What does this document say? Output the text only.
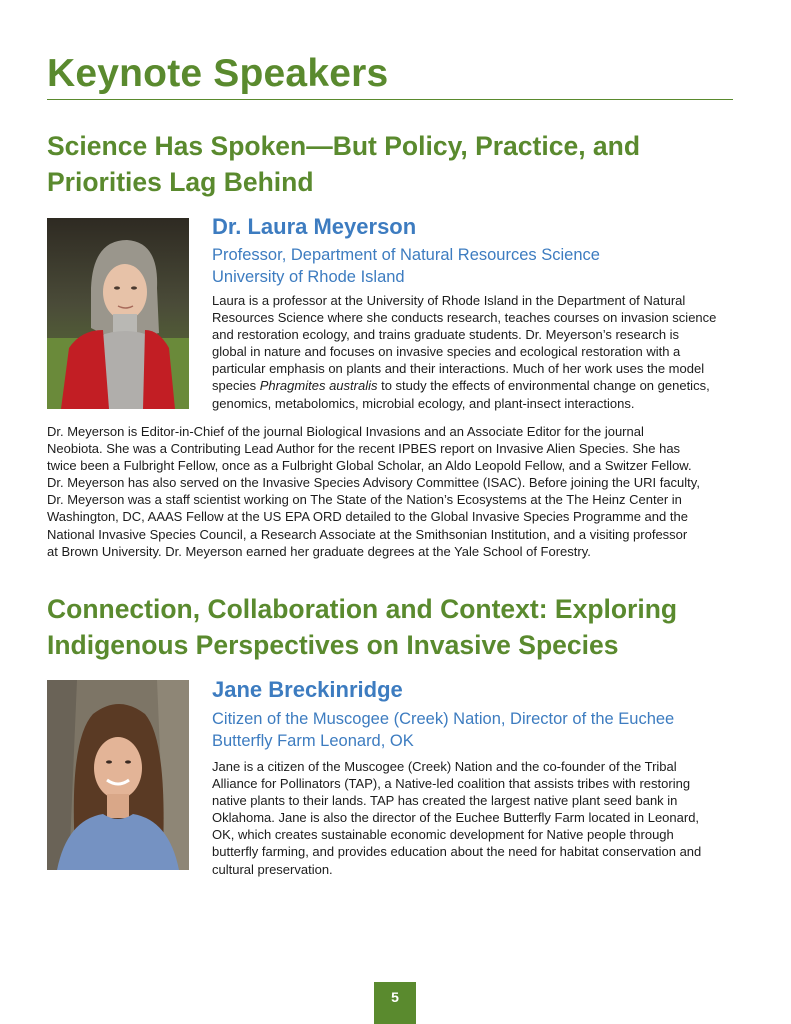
Keynote Speakers
Science Has Spoken—But Policy, Practice, and
Priorities Lag Behind
Dr. Laura Meyerson

Professor, Department of Natural Resources Science
University of Rhode Island

Laura is a professor at the University of Rhode Island in the Department of Natural
Resources Science where she conducts research, teaches courses on invasion science
and restoration ecology, and trains graduate students. Dr. Meyerson’s research is
global in nature and focuses on invasive species and ecological restoration with a
particular emphasis on plants and their interactions. Much of her work uses the model
species Phragmites australis to study the effects of environmental change on genetics,
genomics, metabolomics, microbial ecology, and plant-insect interactions.

Dr. Meyerson is Editor-in-Chief of the journal Biological Invasions and an Associate Editor for the journal
Neobiota. She was a Contributing Lead Author for the recent IPBES report on Invasive Alien Species. She has
twice been a Fulbright Fellow, once as a Fulbright Global Scholar, an Aldo Leopold Fellow, and a Switzer Fellow.
Dr. Meyerson has also served on the Invasive Species Advisory Committee (ISAC). Before joining the URI faculty,
Dr. Meyerson was a staff scientist working on The State of the Nation’s Ecosystems at the The Heinz Center in
Washington, DC, AAAS Fellow at the US EPA ORD detailed to the Global Invasive Species Programme and the
National Invasive Species Council, a Research Associate at the Smithsonian Institution, and a visiting professor
at Brown University. Dr. Meyerson earned her graduate degrees at the Yale School of Forestry.

Connection, Collaboration and Context: Exploring
Indigenous Perspectives on Invasive Species
Jane Breckinridge

Citizen of the Muscogee (Creek) Nation, Director of the Euchee
Butterfly Farm Leonard, OK

Jane is a citizen of the Muscogee (Creek) Nation and the co-founder of the Tribal
Alliance for Pollinators (TAP), a Native-led coalition that assists tribes with restoring
native plants to their lands. TAP has created the largest native plant seed bank in
Oklahoma. Jane is also the director of the Euchee Butterfly Farm located in Leonard,
OK, which creates sustainable economic development for Native people through
butterfly farming, and provides education about the need for habitat conservation and
cultural preservation.

5
